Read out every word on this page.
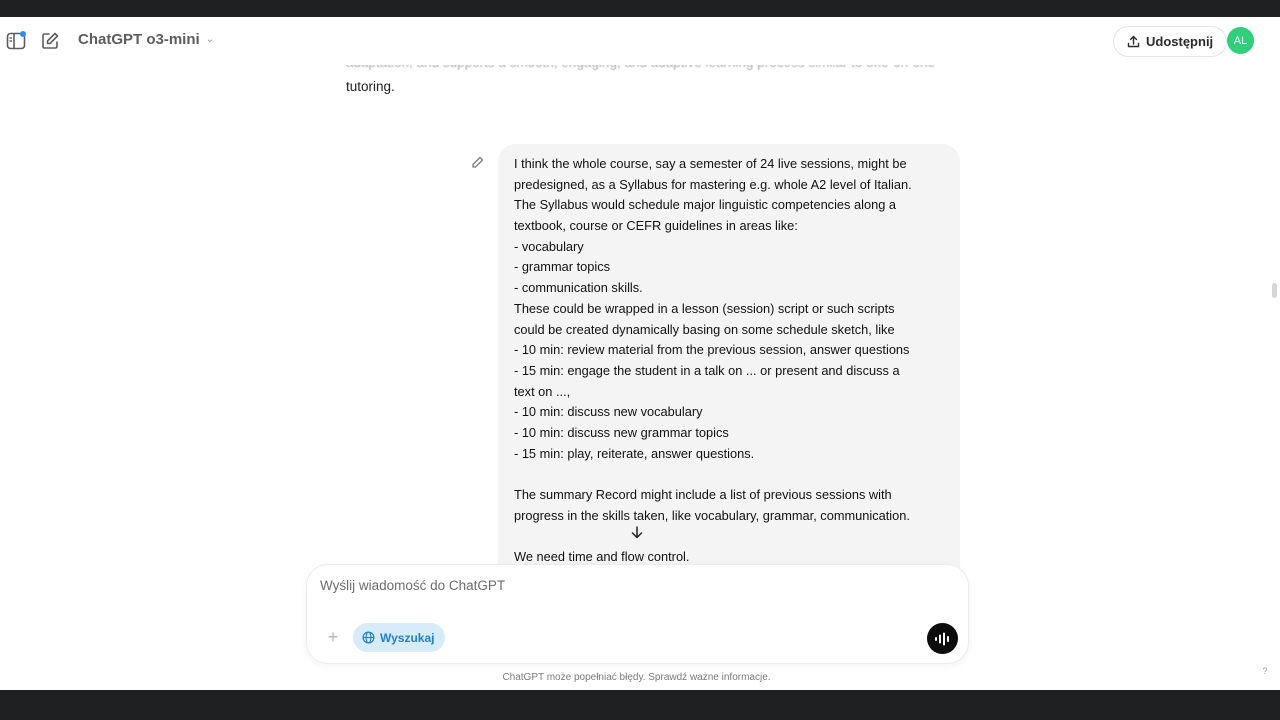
ChatGPT o3-mini ⌄	Udostępnij	AL
tutoring.
I think the whole course, say a semester of 24 live sessions, might be
predesigned, as a Syllabus for mastering e.g. whole A2 level of Italian.
The Syllabus would schedule major linguistic competencies along a
textbook, course or CEFR guidelines in areas like:
- vocabulary
- grammar topics
- communication skills.
These could be wrapped in a lesson (session) script or such scripts
could be created dynamically basing on some schedule sketch, like
- 10 min: review material from the previous session, answer questions
- 15 min: engage the student in a talk on ... or present and discuss a
text on ...,
- 10 min: discuss new vocabulary
- 10 min: discuss new grammar topics
- 15 min: play, reiterate, answer questions.
The summary Record might include a list of previous sessions with
progress in the skills taken, like vocabulary, grammar, communication.
We need time and flow control.
Wyślij wiadomość do ChatGPT
+	Wyszukaj
ChatGPT może popełniać błędy. Sprawdź ważne informacje.
?
